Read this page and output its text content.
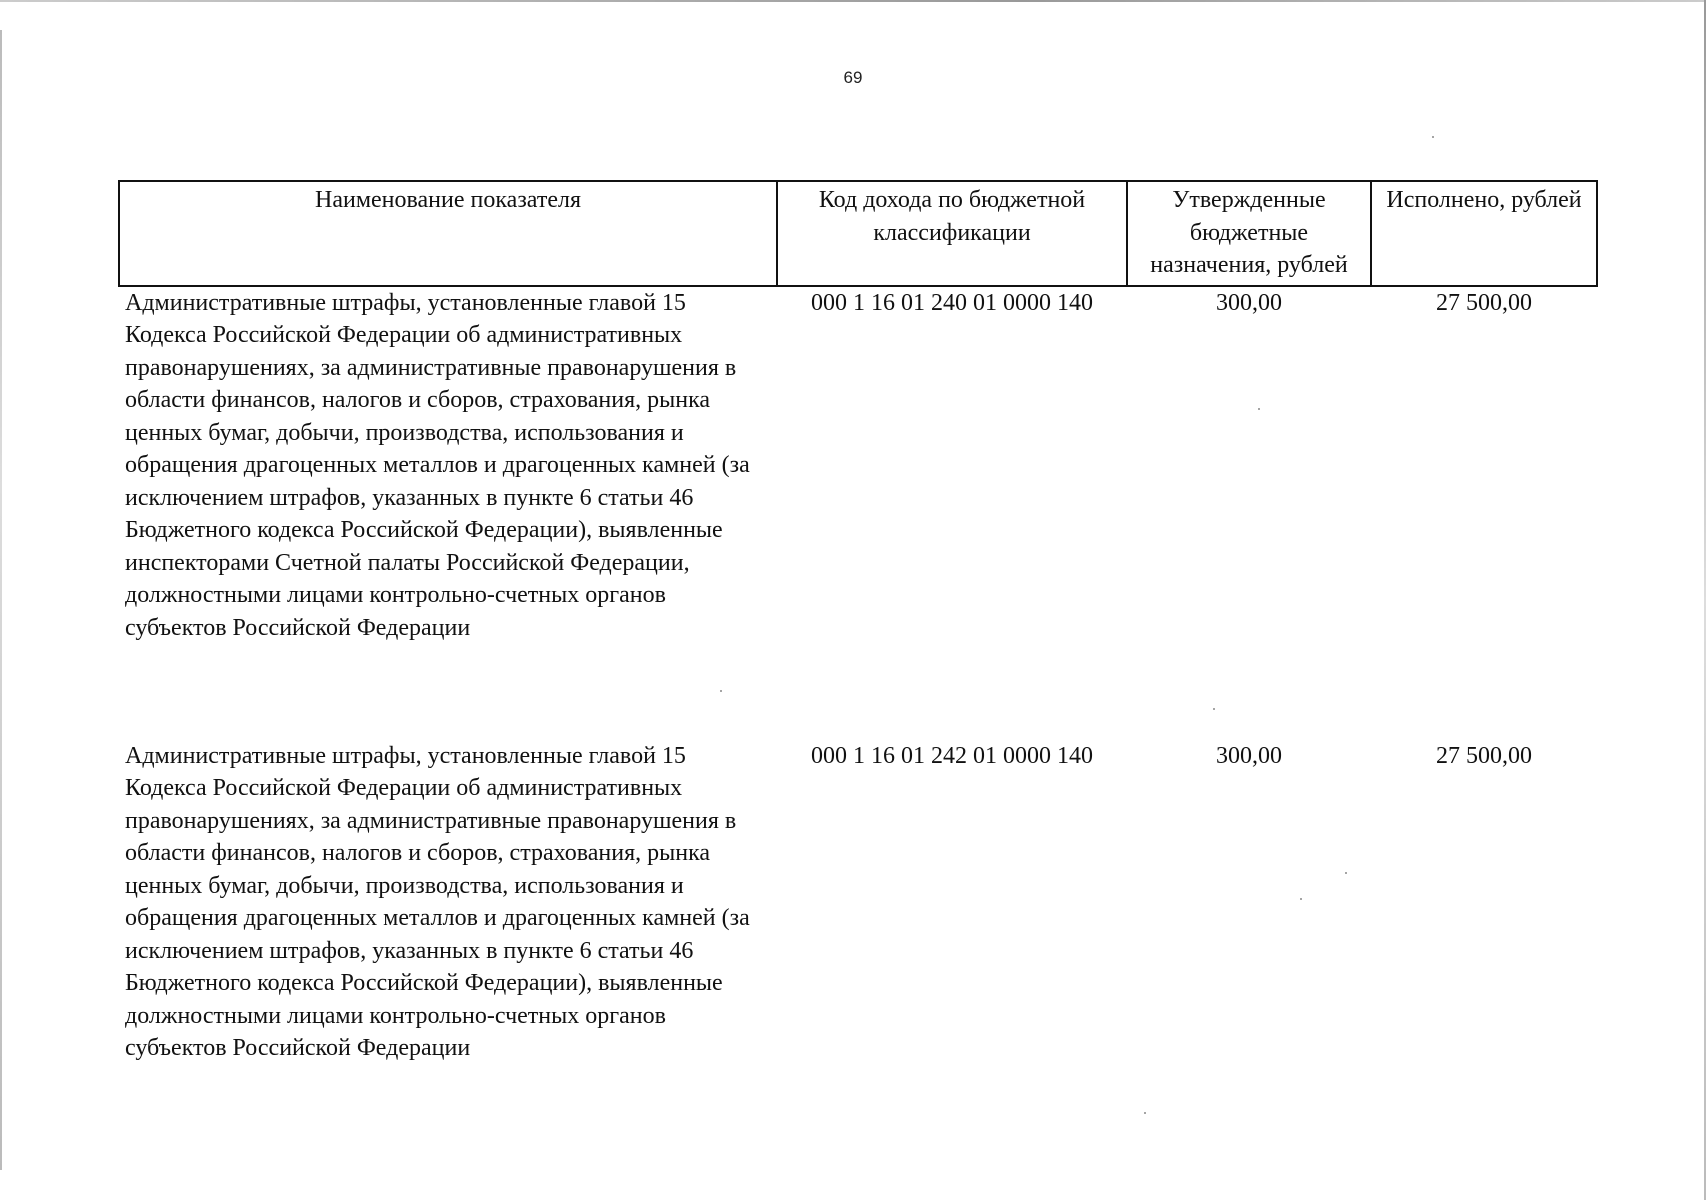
69
Наименование показателя	Код дохода по бюджетной классификации	Утвержденные бюджетные назначения, рублей	Исполнено, рублей
Административные штрафы, установленные главой 15 Кодекса Российской Федерации об административных правонарушениях, за административные правонарушения в области финансов, налогов и сборов, страхования, рынка ценных бумаг, добычи, производства, использования и обращения драгоценных металлов и драгоценных камней (за исключением штрафов, указанных в пункте 6 статьи 46 Бюджетного кодекса Российской Федерации), выявленные инспекторами Счетной палаты Российской Федерации, должностными лицами контрольно-счетных органов субъектов Российской Федерации	000 1 16 01 240 01 0000 140	300,00	27 500,00
Административные штрафы, установленные главой 15 Кодекса Российской Федерации об административных правонарушениях, за административные правонарушения в области финансов, налогов и сборов, страхования, рынка ценных бумаг, добычи, производства, использования и обращения драгоценных металлов и драгоценных камней (за исключением штрафов, указанных в пункте 6 статьи 46 Бюджетного кодекса Российской Федерации), выявленные должностными лицами контрольно-счетных органов субъектов Российской Федерации	000 1 16 01 242 01 0000 140	300,00	27 500,00
